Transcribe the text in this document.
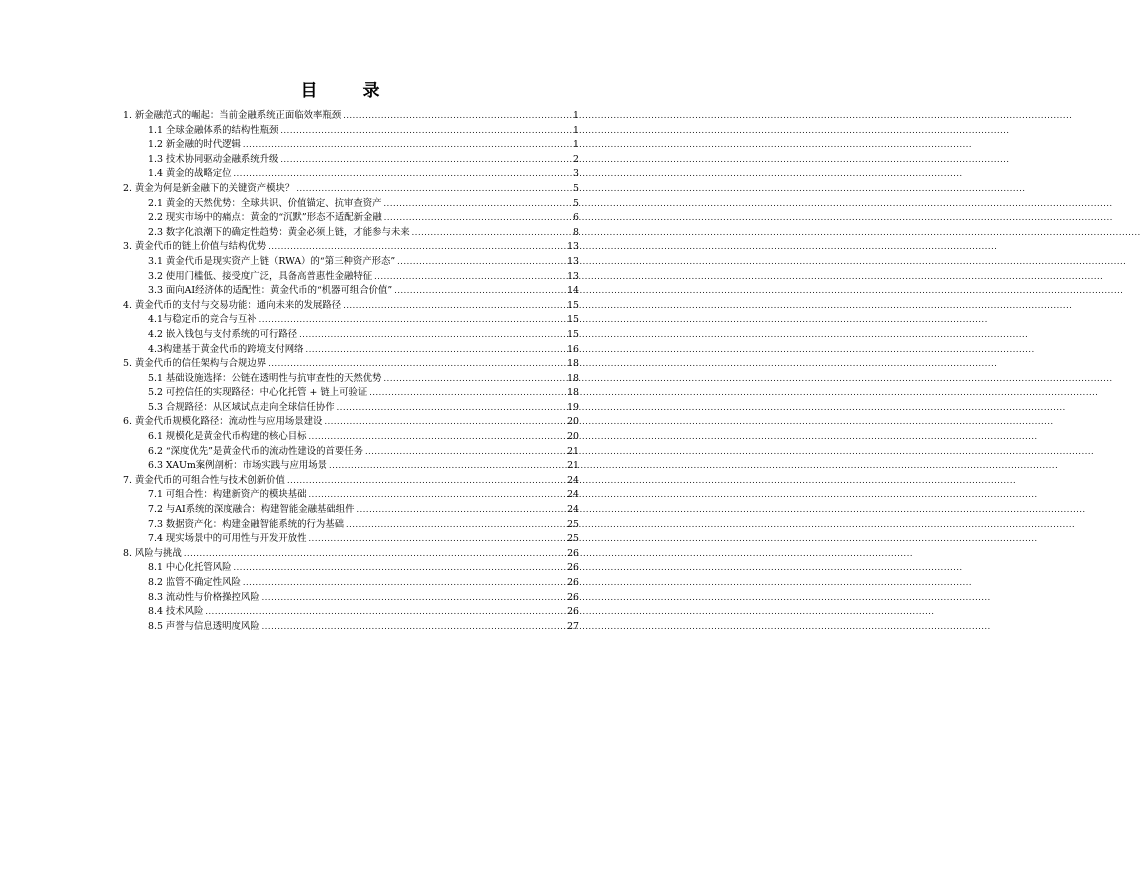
目　录
1. 新金融范式的崛起：当前金融系统正面临效率瓶颈 .....	1
1.1 全球金融体系的结构性瓶颈 .....	1
1.2 新金融的时代逻辑 .....	1
1.3 技术协同驱动金融系统升级 .....	2
1.4 黄金的战略定位 .....	3
2. 黄金为何是新金融下的关键资产模块？ .....	5
2.1 黄金的天然优势：全球共识、价值锚定、抗审查资产 .....	5
2.2 现实市场中的痛点：黄金的“沉默”形态不适配新金融 .....	6
2.3 数字化浪潮下的确定性趋势：黄金必须上链，才能参与未来 .....	8
3. 黄金代币的链上价值与结构优势 .....	13
3.1 黄金代币是现实资产上链（RWA）的“第三种资产形态” .....	13
3.2 使用门槛低、接受度广泛，具备高普惠性金融特征 .....	13
3.3 面向AI经济体的适配性：黄金代币的“机器可组合价值” .....	14
4. 黄金代币的支付与交易功能：通向未来的发展路径 .....	15
4.1与稳定币的竞合与互补 .....	15
4.2 嵌入钱包与支付系统的可行路径 .....	15
4.3构建基于黄金代币的跨境支付网络 .....	16
5. 黄金代币的信任架构与合规边界 .....	18
5.1 基础设施选择：公链在透明性与抗审查性的天然优势 .....	18
5.2 可控信任的实现路径：中心化托管 + 链上可验证 .....	18
5.3 合规路径：从区域试点走向全球信任协作 .....	19
6. 黄金代币规模化路径：流动性与应用场景建设 .....	20
6.1 规模化是黄金代币构建的核心目标 .....	20
6.2 “深度优先”是黄金代币的流动性建设的首要任务 .....	21
6.3 XAUm案例剖析：市场实践与应用场景 .....	21
7. 黄金代币的可组合性与技术创新价值 .....	24
7.1 可组合性：构建新资产的模块基础 .....	24
7.2 与AI系统的深度融合：构建智能金融基础组件 .....	24
7.3 数据资产化：构建金融智能系统的行为基础 .....	25
7.4 现实场景中的可用性与开发开放性 .....	25
8. 风险与挑战 .....	26
8.1 中心化托管风险 .....	26
8.2 监管不确定性风险 .....	26
8.3 流动性与价格操控风险 .....	26
8.4 技术风险 .....	26
8.5 声誉与信息透明度风险 .....	27
